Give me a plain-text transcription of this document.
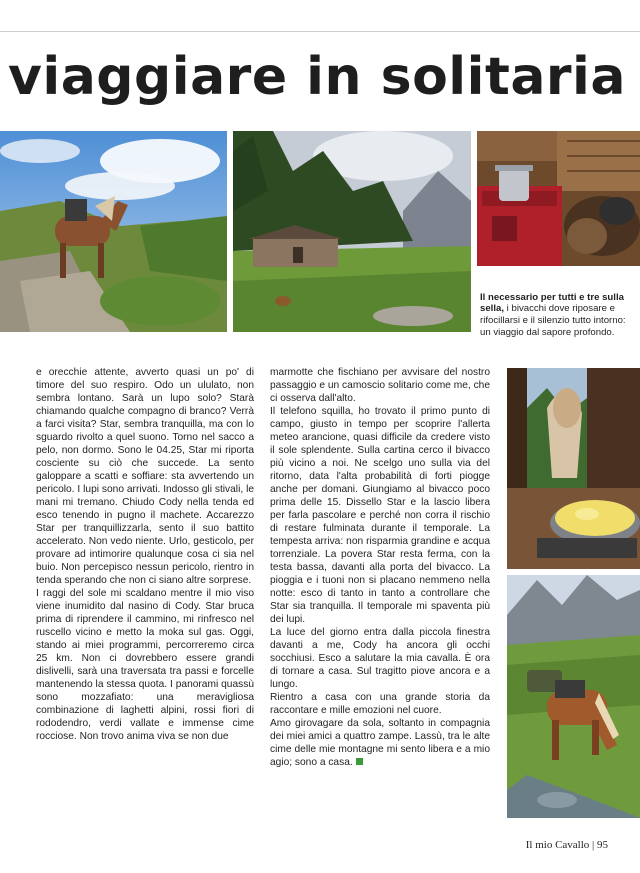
viaggiare in solitaria

Il necessario per tutti e tre sulla sella, i bivacchi dove riposare e rifocillarsi e il silenzio tutto intorno: un viaggio dal sapore profondo.

e orecchie attente, avverto quasi un po' di timore del suo respiro. Odo un ululato, non sembra lontano. Sarà un lupo solo? Starà chiamando qualche compagno di branco? Verrà a farci visita? Star, sembra tranquilla, ma con lo sguardo rivolto a quel suono. Torno nel sacco a pelo, non dormo. Sono le 04.25, Star mi riporta cosciente su ciò che succede. La sento galoppare a scatti e soffiare: sta avvertendo un pericolo. I lupi sono arrivati. Indosso gli stivali, le mani mi tremano. Chiudo Cody nella tenda ed esco tenendo in pugno il machete. Accarezzo Star per tranquillizzarla, sento il suo battito accelerato. Non vedo niente. Urlo, gesticolo, per provare ad intimorire qualunque cosa ci sia nel buio. Non percepisco nessun pericolo, rientro in tenda sperando che non ci siano altre sorprese.

I raggi del sole mi scaldano mentre il mio viso viene inumidito dal nasino di Cody. Star bruca prima di riprendere il cammino, mi rinfresco nel ruscello vicino e metto la moka sul gas. Oggi, stando ai miei programmi, percorreremo circa 25 km. Non ci dovrebbero essere grandi dislivelli, sarà una traversata tra passi e forcelle mantenendo la stessa quota. I panorami quassù sono mozzafiato: una meravigliosa combinazione di laghetti alpini, rossi fiori di rododendro, verdi vallate e immense cime rocciose. Non trovo anima viva se non due

marmotte che fischiano per avvisare del nostro passaggio e un camoscio solitario come me, che ci osserva dall'alto.

Il telefono squilla, ho trovato il primo punto di campo, giusto in tempo per scoprire l'allerta meteo arancione, quasi difficile da credere visto il sole splendente. Sulla cartina cerco il bivacco più vicino a noi. Ne scelgo uno sulla via del ritorno, data l'alta probabilità di forti piogge anche per domani. Giungiamo al bivacco poco prima delle 15. Dissello Star e la lascio libera per farla pascolare e perché non corra il rischio di restare fulminata durante il temporale. La tempesta arriva: non risparmia grandine e acqua torrenziale. La povera Star resta ferma, con la testa bassa, davanti alla porta del bivacco. La pioggia e i tuoni non si placano nemmeno nella notte: esco di tanto in tanto a controllare che Star sia tranquilla. Il temporale mi spaventa più dei lupi.

La luce del giorno entra dalla piccola finestra davanti a me, Cody ha ancora gli occhi socchiusi. Esco a salutare la mia cavalla. È ora di tornare a casa. Sul tragitto piove ancora e a lungo.

Rientro a casa con una grande storia da raccontare e mille emozioni nel cuore.

Amo girovagare da sola, soltanto in compagnia dei miei amici a quattro zampe. Lassù, tra le alte cime delle mie montagne mi sento libera e a mio agio; sono a casa.

Il mio Cavallo | 95
